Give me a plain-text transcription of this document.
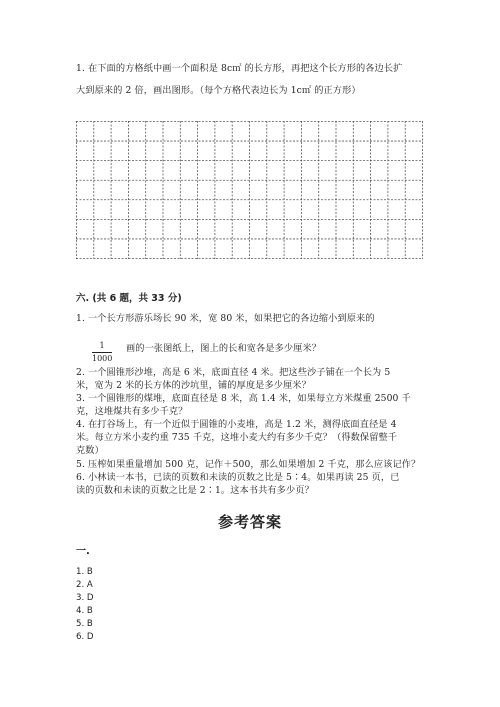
1. 在下面的方格纸中画一个面积是 8c㎡ 的长方形，再把这个长方形的各边长扩
大到原来的 2 倍，画出图形。（每个方格代表边长为 1c㎡ 的正方形）
六. (共 6 题，共 33 分)
1. 一个长方形游乐场长 90 米，宽 80 米，如果把它的各边缩小到原来的
1
1000
画的一张图纸上，图上的长和宽各是多少厘米？
2. 一个圆锥形沙堆，高是 6 米，底面直径 4 米。把这些沙子铺在一个长为 5
米，宽为 2 米的长方体的沙坑里，铺的厚度是多少厘米？
3. 一个圆锥形的煤堆，底面直径是 8 米，高 1.4 米，如果每立方米煤重 2500 千
克，这堆煤共有多少千克？
4. 在打谷场上，有一个近似于圆锥的小麦堆，高是 1.2 米，测得底面直径是 4
米。每立方米小麦约重 735 千克，这堆小麦大约有多少千克？（得数保留整千
克数）
5. 压榨如果重量增加 500 克，记作＋500，那么如果增加 2 千克，那么应该记作？
6. 小林读一本书，已读的页数和未读的页数之比是 5∶4。如果再读 25 页，已
读的页数和未读的页数之比是 2∶1。这本书共有多少页？
参考答案
一.
1. B
2. A
3. D
4. B
5. B
6. D
